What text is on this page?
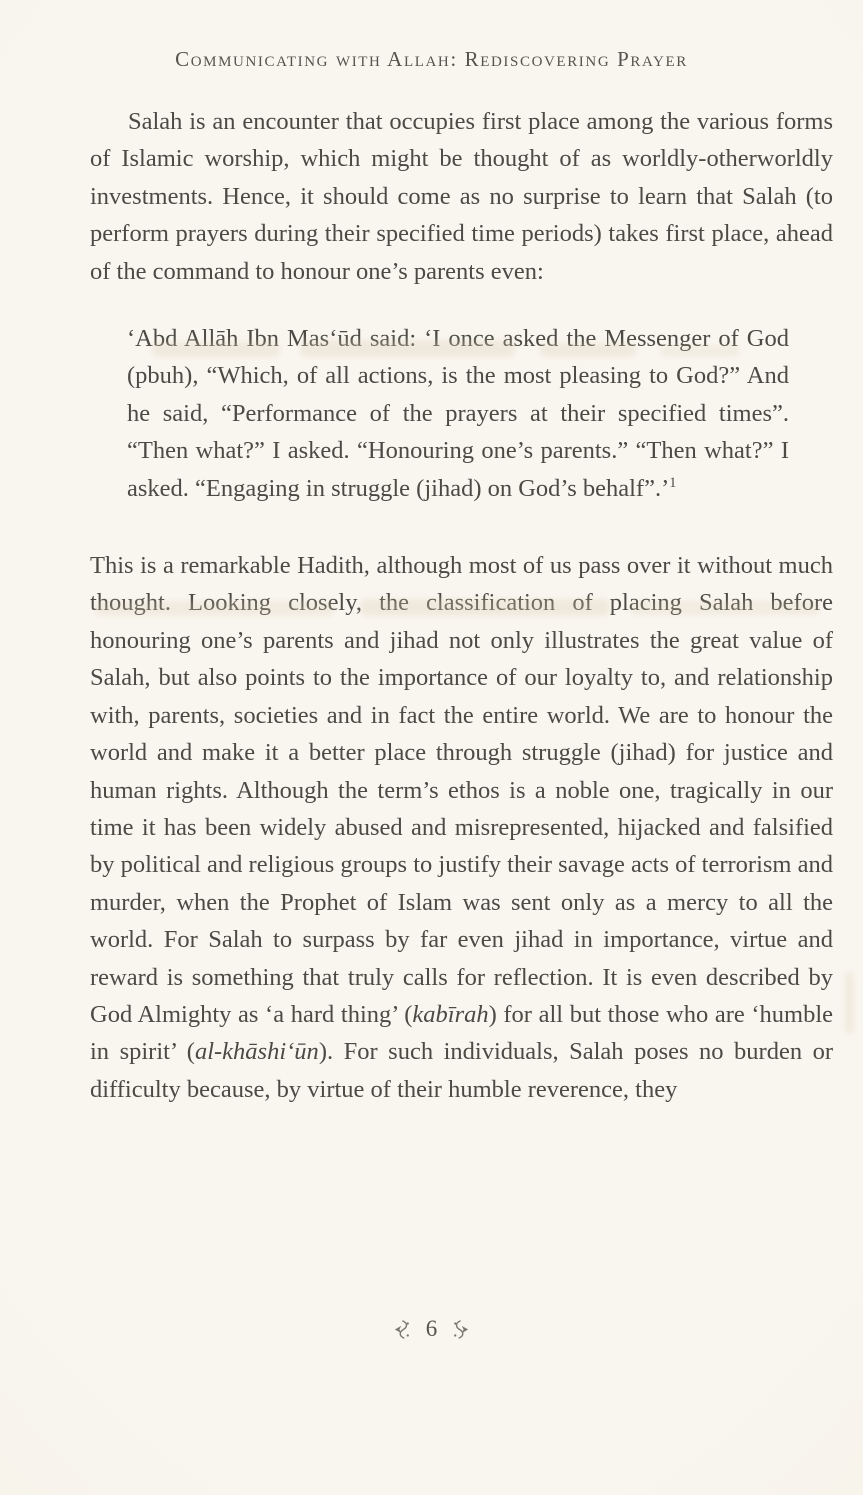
Communicating with Allah: Rediscovering Prayer

Salah is an encounter that occupies first place among the various forms of Islamic worship, which might be thought of as worldly-otherworldly investments. Hence, it should come as no surprise to learn that Salah (to perform prayers during their specified time periods) takes first place, ahead of the command to honour one’s parents even:

‘Abd Allāh Ibn Mas‘ūd said: ‘I once asked the Messenger of God (pbuh), “Which, of all actions, is the most pleasing to God?” And he said, “Performance of the prayers at their specified times”. “Then what?” I asked. “Honouring one’s parents.” “Then what?” I asked. “Engaging in struggle (jihad) on God’s behalf”.’$^1$

This is a remarkable Hadith, although most of us pass over it without much thought. Looking closely, the classification of placing Salah before honouring one’s parents and jihad not only illustrates the great value of Salah, but also points to the importance of our loyalty to, and relationship with, parents, societies and in fact the entire world. We are to honour the world and make it a better place through struggle (jihad) for justice and human rights. Although the term’s ethos is a noble one, tragically in our time it has been widely abused and misrepresented, hijacked and falsified by political and religious groups to justify their savage acts of terrorism and murder, when the Prophet of Islam was sent only as a mercy to all the world. For Salah to surpass by far even jihad in importance, virtue and reward is something that truly calls for reflection. It is even described by God Almighty as ‘a hard thing’ (kabīrah) for all but those who are ‘humble in spirit’ (al-khāshi‘ūn). For such individuals, Salah poses no burden or difficulty because, by virtue of their humble reverence, they

6
